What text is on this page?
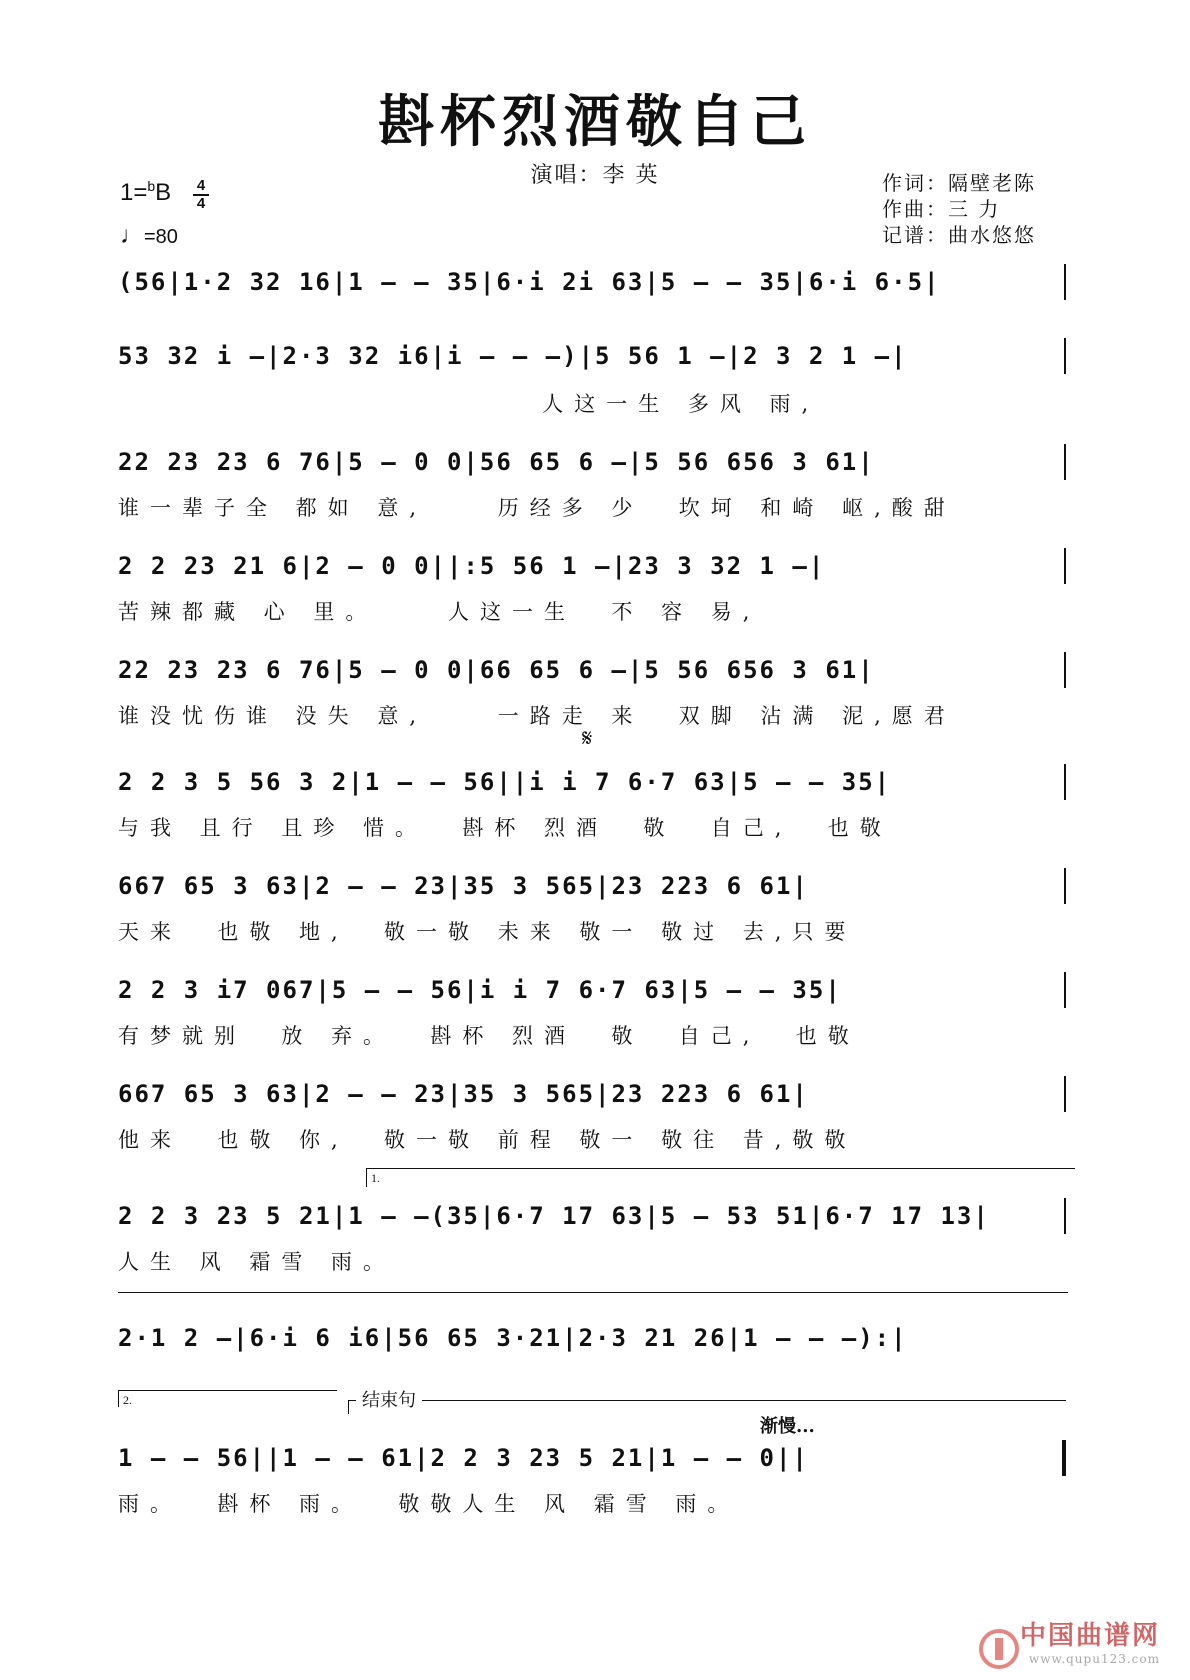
斟杯烈酒敬自己
演唱：李 英
1=$^b$B 4
4
♩=80
作词：隔壁老陈
作曲：三 力
记谱：曲水悠悠
(56|1·2 32 16|1 – – 35|6·i 2i 63|5 – – 35|6·i 6·5|
53 32 i –|2·3 32 i6|i – – –)|5 56 1 –|2 3 2 1 –|
人这一生 多风 雨,
22 23 23 6 76|5 – 0 0|56 65 6 –|5 56 656 3 61|
谁一辈子全 都如 意,    历经多 少  坎坷 和崎 岖,酸甜
2 2 23 21 6|2 – 0 0||:5 56 1 –|23 3 32 1 –|
苦辣都藏 心 里。    人这一生  不 容 易,
22 23 23 6 76|5 – 0 0|66 65 6 –|5 56 656 3 61|
谁没忧伤谁 没失 意,    一路走 来  双脚 沾满 泥,愿君
𝄋
2 2 3 5 56 3 2|1 – – 56||i i 7 6·7 63|5 – – 35|
与我 且行 且珍 惜。  斟杯 烈酒  敬  自己,  也敬
667 65 3 63|2 – – 23|35 3 565|23 223 6 61|
天来  也敬 地,  敬一敬 未来 敬一 敬过 去,只要
2 2 3 i7 067|5 – – 56|i i 7 6·7 63|5 – – 35|
有梦就别  放 弃。  斟杯 烈酒  敬  自己,  也敬
667 65 3 63|2 – – 23|35 3 565|23 223 6 61|
他来  也敬 你,  敬一敬 前程 敬一 敬往 昔,敬敬
1.
2 2 3 23 5 21|1 – –(35|6·7 17 63|5 – 53 51|6·7 17 13|
人生 风 霜雪 雨。
2·1 2 –|6·i 6 i6|56 65 3·21|2·3 21 26|1 – – –):|
2.	结束句
渐慢...
1 – – 56||1 – – 61|2 2 3 23 5 21|1 – – 0||
雨。  斟杯 雨。  敬敬人生 风 霜雪 雨。
中国曲谱网
www.qupu123.com
